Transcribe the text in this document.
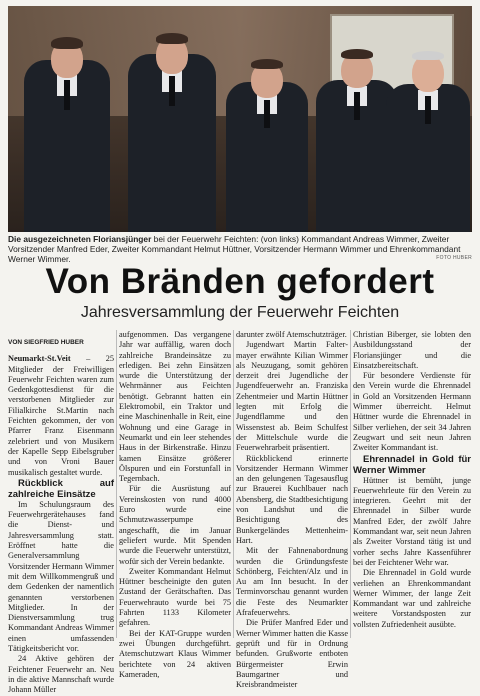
Die ausgezeichneten Floriansjünger bei der Feuerwehr Feichten: (von links) Kommandant Andreas Wimmer, Zweiter Vorsitzender Manfred Eder, Zweiter Kommandant Helmut Hüttner, Vorsitzender Hermann Wimmer und Ehrenkommandant Werner Wimmer.	FOTO HUBER
Von Bränden gefordert
Jahresversammlung der Feuerwehr Feichten
VON SIEGFRIED HUBER

Neumarkt-St.Veit – 25 Mitglieder der Freiwilligen Feuerwehr Feichten waren zum Gedenkgottesdienst für die verstorbenen Mitglieder zur Filialkirche St.Martin nach Feichten gekommen, der von Pfarrer Franz Eisenmann zelebriert und von Musikern der Kapelle Sepp Eibelsgruber und von Vroni Bauer musikalisch gestaltet wurde.

Rückblick auf zahlreiche Einsätze

Im Schulungsraum des Feuerwehrgerätehauses fand die Dienst- und Jahresversammlung statt. Eröffnet hatte die Generalversammlung Vorsitzender Hermann Wimmer mit dem Willkommengruß und dem Gedenken der namentlich genannten verstorbenen Mitglieder. In der Dienstversammlung trug Kommandant Andreas Wimmer einen umfassenden Tätigkeitsbericht vor.

24 Aktive gehören der Feichtener Feuerwehr an. Neu in die aktive Mannschaft wurde Johann Müller

aufgenommen. Das vergangene Jahr war auffällig, waren doch zahlreiche Brandeinsätze zu erledigen. Bei zehn Einsätzen wurde die Unterstützung der Wehrmänner aus Feichten benötigt. Gebrannt hatten ein Elektromobil, ein Traktor und eine Maschinenhalle in Reit, eine Wohnung und eine Garage in Neumarkt und ein leer stehendes Haus in der Birkenstraße. Hinzu kamen Einsätze größerer Ölspuren und ein Forstunfall in Tegernbach.

Für die Ausrüstung auf Vereinskosten von rund 4000 Euro wurde eine Schmutzwasserpumpe angeschafft, die im Januar geliefert wurde. Mit Spenden wurde die Feuerwehr unterstützt, wofür sich der Verein bedankte.

Zweiter Kommandant Helmut Hüttner bescheinigte den guten Zustand der Gerätschaften. Das Feuerwehrauto wurde bei 75 Fahrten 1133 Kilometer gefahren.

Bei der KAT-Gruppe wurden zwei Übungen durchgeführt. Atemschutzwart Klaus Wimmer berichtete von 24 aktiven Kameraden,

darunter zwölf Atemschutzträger.

Jugendwart Martin Falter-mayer erwähnte Kilian Wimmer als Neuzugang, somit gehören derzeit drei Jugendliche der Jugendfeuerwehr an. Franziska Zehentmeier und Martin Hüttner legten mit Erfolg die Jugendflamme und den Wissenstest ab. Beim Schulfest der Mittelschule wurde die Feuerwehrarbeit präsentiert.

Rückblickend erinnerte Vorsitzender Hermann Wimmer an den gelungenen Tagesausflug zur Brauerei Kuchlbauer nach Abensberg, die Stadtbesichtigung von Landshut und die Besichtigung des Bunkergeländes Mettenheim-Hart.

Mit der Fahnenabordnung wurden die Gründungsfeste Schönberg, Feichten/Alz und in Au am Inn besucht. In der Terminvorschau genannt wurden die Feste des Neumarkter Afrafeuerwehrs.

Die Prüfer Manfred Eder und Werner Wimmer hatten die Kasse geprüft und für in Ordnung befunden. Grußworte entboten Bürgermeister Erwin Baumgartner und Kreisbrandmeister

Christian Biberger, sie lobten den Ausbildungsstand der Floriansjünger und die Einsatzbereitschaft.

Für besondere Verdienste für den Verein wurde die Ehrennadel in Gold an Vorsitzenden Hermann Wimmer überreicht. Helmut Hüttner wurde die Ehrennadel in Silber verliehen, der seit 34 Jahren Zeugwart und seit neun Jahren Zweiter Kommandant ist.

Ehrennadel in Gold für Werner Wimmer

Hüttner ist bemüht, junge Feuerwehrleute für den Verein zu integrieren. Geehrt mit der Ehrennadel in Silber wurde Manfred Eder, der zwölf Jahre Kommandant war, seit neun Jahren als Zweiter Vorstand tätig ist und vorher sechs Jahre Kassenführer bei der Feichtener Wehr war.

Die Ehrennadel in Gold wurde verliehen an Ehrenkommandant Werner Wimmer, der lange Zeit Kommandant war und zahlreiche weitere Vorstandsposten zur vollsten Zufriedenheit ausübte.
